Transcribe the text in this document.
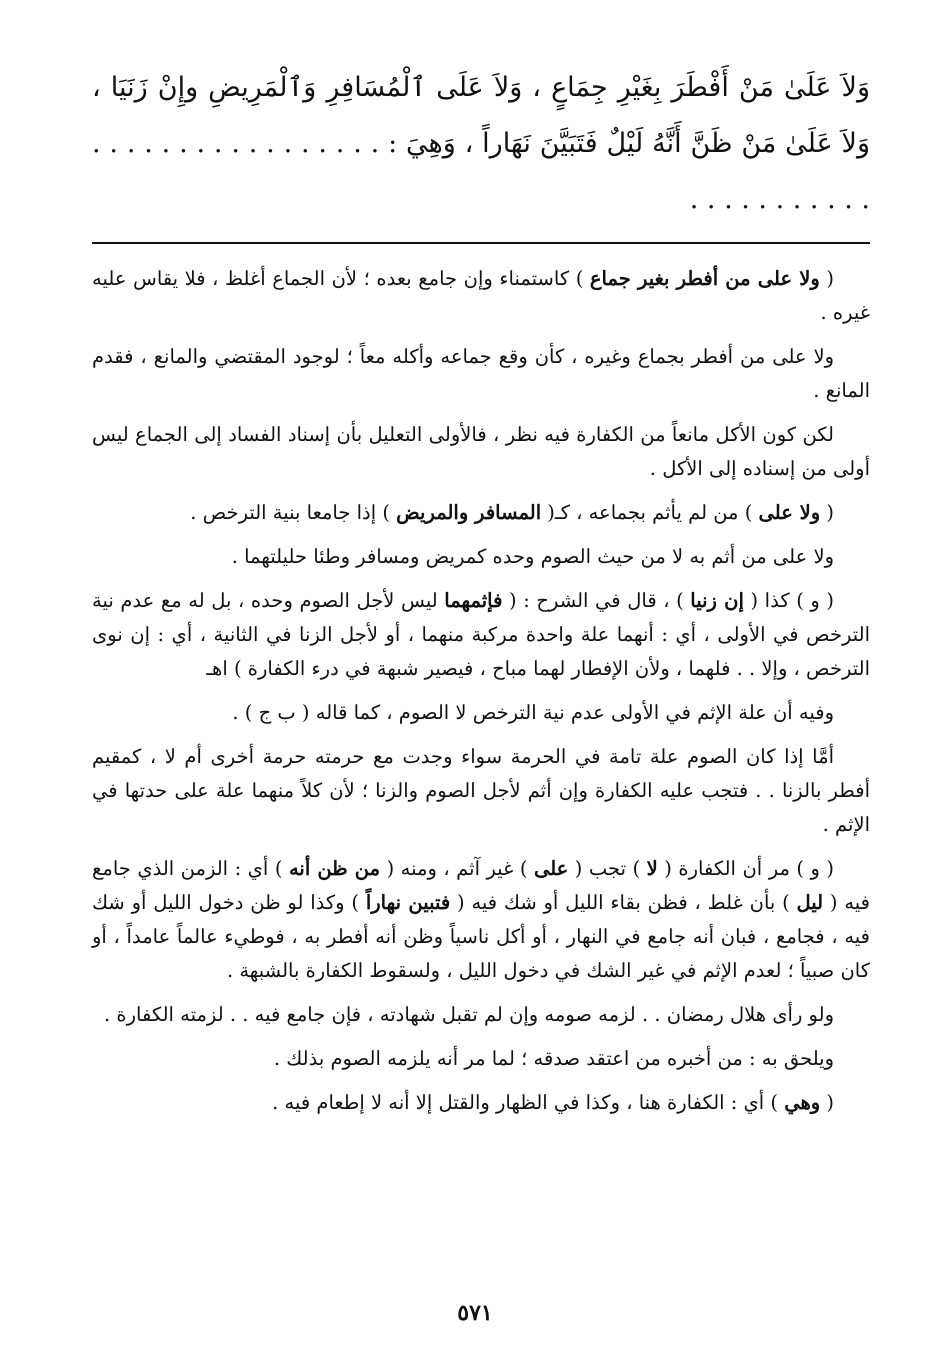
وَلاَ عَلَىٰ مَنْ أَفْطَرَ بِغَيْرِ جِمَاعٍ ، وَلاَ عَلَى ٱلْمُسَافِرِ وَٱلْمَرِيضِ وإِنْ زَنَيَا ، وَلاَ عَلَىٰ مَنْ ظَنَّ أَنَّهُ لَيْلٌ فَتَبَيَّنَ نَهَاراً ، وَهِيَ : . . . . . . . . . . . . . . . . . . . . . . . . . . . .

( ولا على من أفطر بغير جماع ) كاستمناء وإن جامع بعده ؛ لأن الجماع أغلظ ، فلا يقاس عليه غيره .

ولا على من أفطر بجماع وغيره ، كأن وقع جماعه وأكله معاً ؛ لوجود المقتضي والمانع ، فقدم المانع .

لكن كون الأكل مانعاً من الكفارة فيه نظر ، فالأولى التعليل بأن إسناد الفساد إلى الجماع ليس أولى من إسناده إلى الأكل .

( ولا على ) من لم يأثم بجماعه ، كـ( المسافر والمريض ) إذا جامعا بنية الترخص .

ولا على من أثم به لا من حيث الصوم وحده كمريض ومسافر وطئا حليلتهما .

( و ) كذا ( إن زنيا ) ، قال في الشرح : ( فإثمهما ليس لأجل الصوم وحده ، بل له مع عدم نية الترخص في الأولى ، أي : أنهما علة واحدة مركبة منهما ، أو لأجل الزنا في الثانية ، أي : إن نوى الترخص ، وإلا . . فلهما ، ولأن الإفطار لهما مباح ، فيصير شبهة في درء الكفارة ) اهـ

وفيه أن علة الإثم في الأولى عدم نية الترخص لا الصوم ، كما قاله ( ب ج ) .

أمَّا إذا كان الصوم علة تامة في الحرمة سواء وجدت مع حرمته حرمة أخرى أم لا ، كمقيم أفطر بالزنا . . فتجب عليه الكفارة وإن أثم لأجل الصوم والزنا ؛ لأن كلاً منهما علة على حدتها في الإثم .

( و ) مر أن الكفارة ( لا ) تجب ( على ) غير آثم ، ومنه ( من ظن أنه ) أي : الزمن الذي جامع فيه ( ليل ) بأن غلط ، فظن بقاء الليل أو شك فيه ( فتبين نهاراً ) وكذا لو ظن دخول الليل أو شك فيه ، فجامع ، فبان أنه جامع في النهار ، أو أكل ناسياً وظن أنه أفطر به ، فوطيء عالماً عامداً ، أو كان صبياً ؛ لعدم الإثم في غير الشك في دخول الليل ، ولسقوط الكفارة بالشبهة .

ولو رأى هلال رمضان . . لزمه صومه وإن لم تقبل شهادته ، فإن جامع فيه . . لزمته الكفارة .

ويلحق به : من أخبره من اعتقد صدقه ؛ لما مر أنه يلزمه الصوم بذلك .

( وهي ) أي : الكفارة هنا ، وكذا في الظهار والقتل إلا أنه لا إطعام فيه .

٥٧١
